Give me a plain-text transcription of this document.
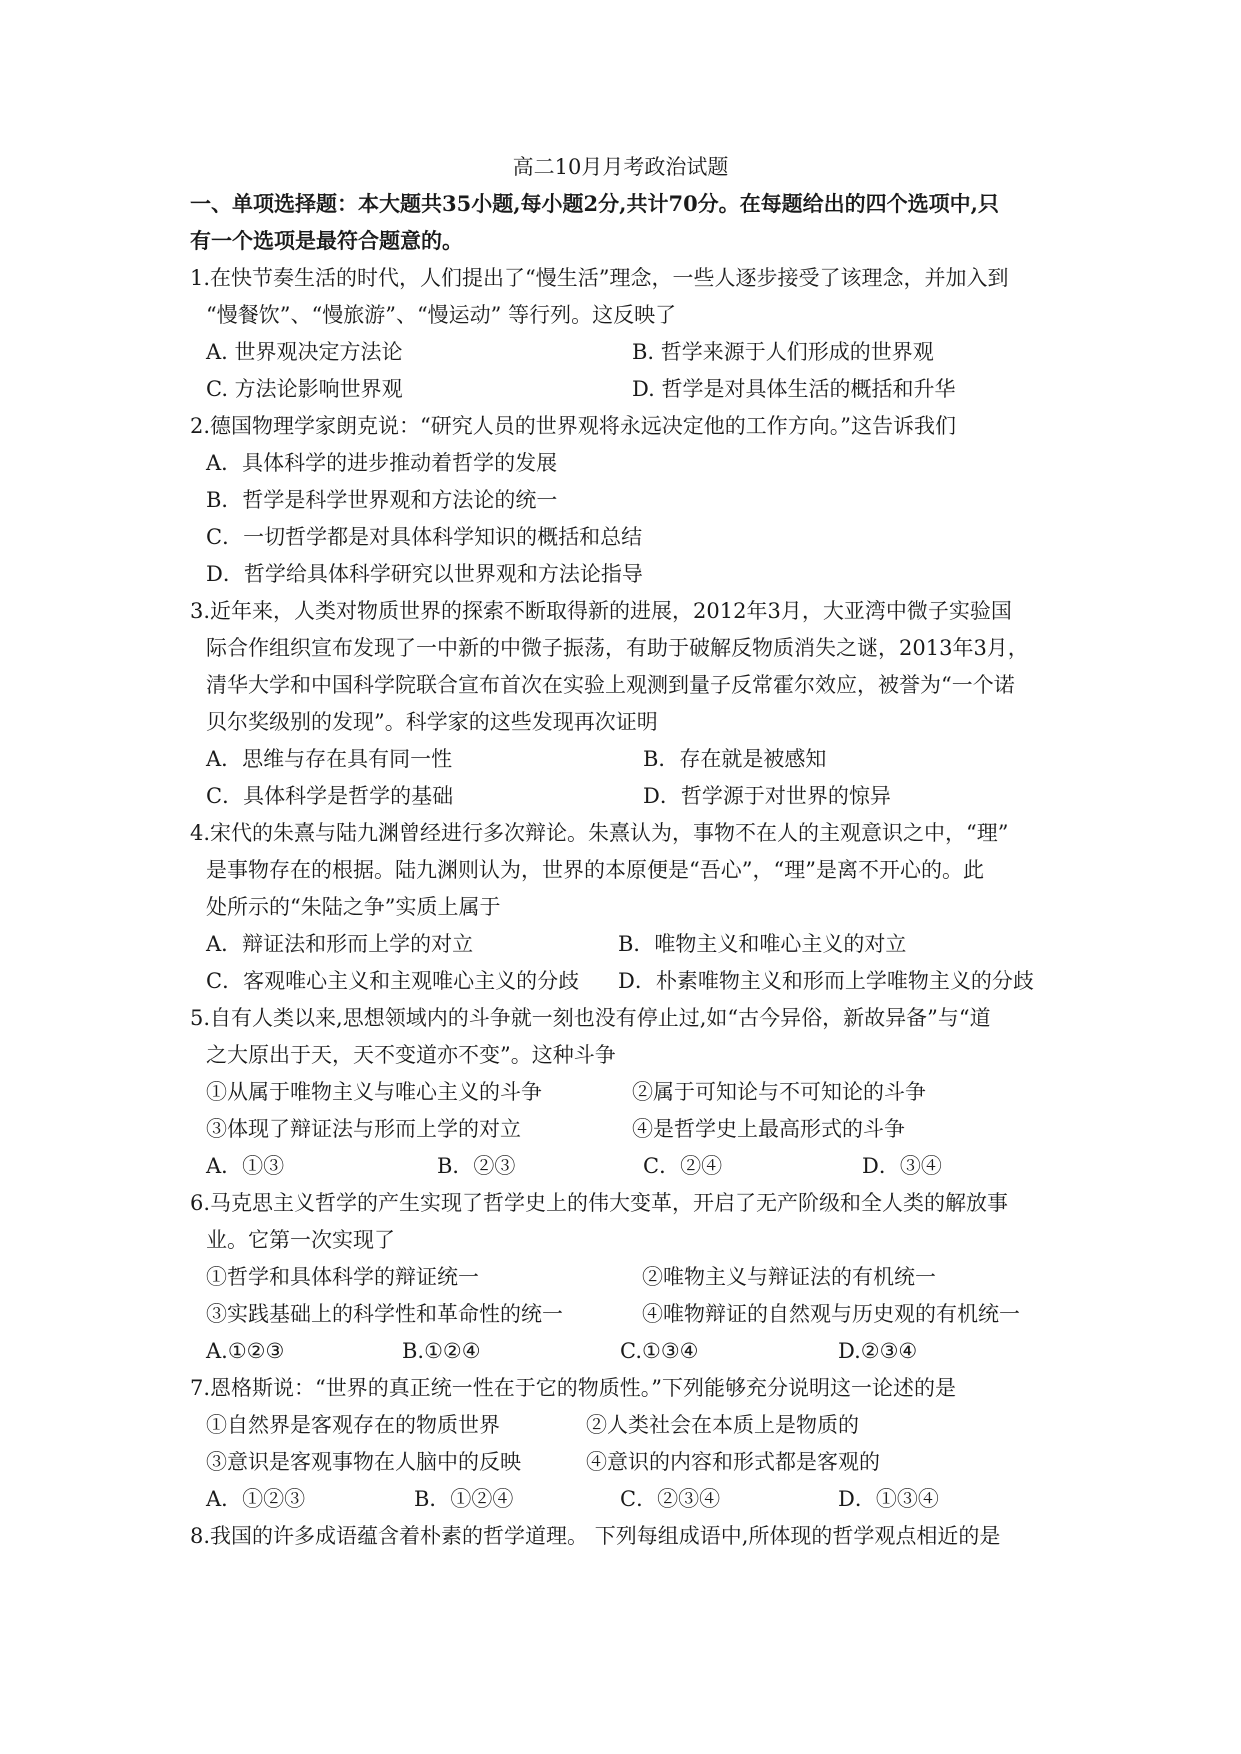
高二10月月考政治试题
一、单项选择题：本大题共35小题,每小题2分,共计70分。在每题给出的四个选项中,只
有一个选项是最符合题意的。
1.在快节奏生活的时代，人们提出了“慢生活”理念，一些人逐步接受了该理念，并加入到
“慢餐饮”、“慢旅游”、“慢运动” 等行列。这反映了
A. 世界观决定方法论	B. 哲学来源于人们形成的世界观
C. 方法论影响世界观	D. 哲学是对具体生活的概括和升华
2.德国物理学家朗克说：“研究人员的世界观将永远决定他的工作方向。”这告诉我们
A．具体科学的进步推动着哲学的发展
B．哲学是科学世界观和方法论的统一
C．一切哲学都是对具体科学知识的概括和总结
D．哲学给具体科学研究以世界观和方法论指导
3.近年来，人类对物质世界的探索不断取得新的进展，2012年3月，大亚湾中微子实验国
际合作组织宣布发现了一中新的中微子振荡，有助于破解反物质消失之谜，2013年3月，
清华大学和中国科学院联合宣布首次在实验上观测到量子反常霍尔效应，被誉为“一个诺
贝尔奖级别的发现”。科学家的这些发现再次证明
A．思维与存在具有同一性	B．存在就是被感知
C．具体科学是哲学的基础	D．哲学源于对世界的惊异
4.宋代的朱熹与陆九渊曾经进行多次辩论。朱熹认为，事物不在人的主观意识之中，“理”
是事物存在的根据。陆九渊则认为，世界的本原便是“吾心”，“理”是离不开心的。此
处所示的“朱陆之争”实质上属于
A．辩证法和形而上学的对立	B．唯物主义和唯心主义的对立
C．客观唯心主义和主观唯心主义的分歧 D．朴素唯物主义和形而上学唯物主义的分歧
5.自有人类以来,思想领域内的斗争就一刻也没有停止过,如“古今异俗，新故异备”与“道
之大原出于天，天不变道亦不变”。这种斗争
①从属于唯物主义与唯心主义的斗争	②属于可知论与不可知论的斗争
③体现了辩证法与形而上学的对立	④是哲学史上最高形式的斗争
A．①③	B．②③	C．②④	D．③④
6.马克思主义哲学的产生实现了哲学史上的伟大变革，开启了无产阶级和全人类的解放事
业。它第一次实现了
①哲学和具体科学的辩证统一	②唯物主义与辩证法的有机统一
③实践基础上的科学性和革命性的统一	④唯物辩证的自然观与历史观的有机统一
A.①②③	B.①②④	C.①③④	D.②③④
7.恩格斯说：“世界的真正统一性在于它的物质性。”下列能够充分说明这一论述的是
①自然界是客观存在的物质世界	②人类社会在本质上是物质的
③意识是客观事物在人脑中的反映	④意识的内容和形式都是客观的
A．①②③	B．①②④	C．②③④	D．①③④
8.我国的许多成语蕴含着朴素的哲学道理。 下列每组成语中,所体现的哲学观点相近的是
